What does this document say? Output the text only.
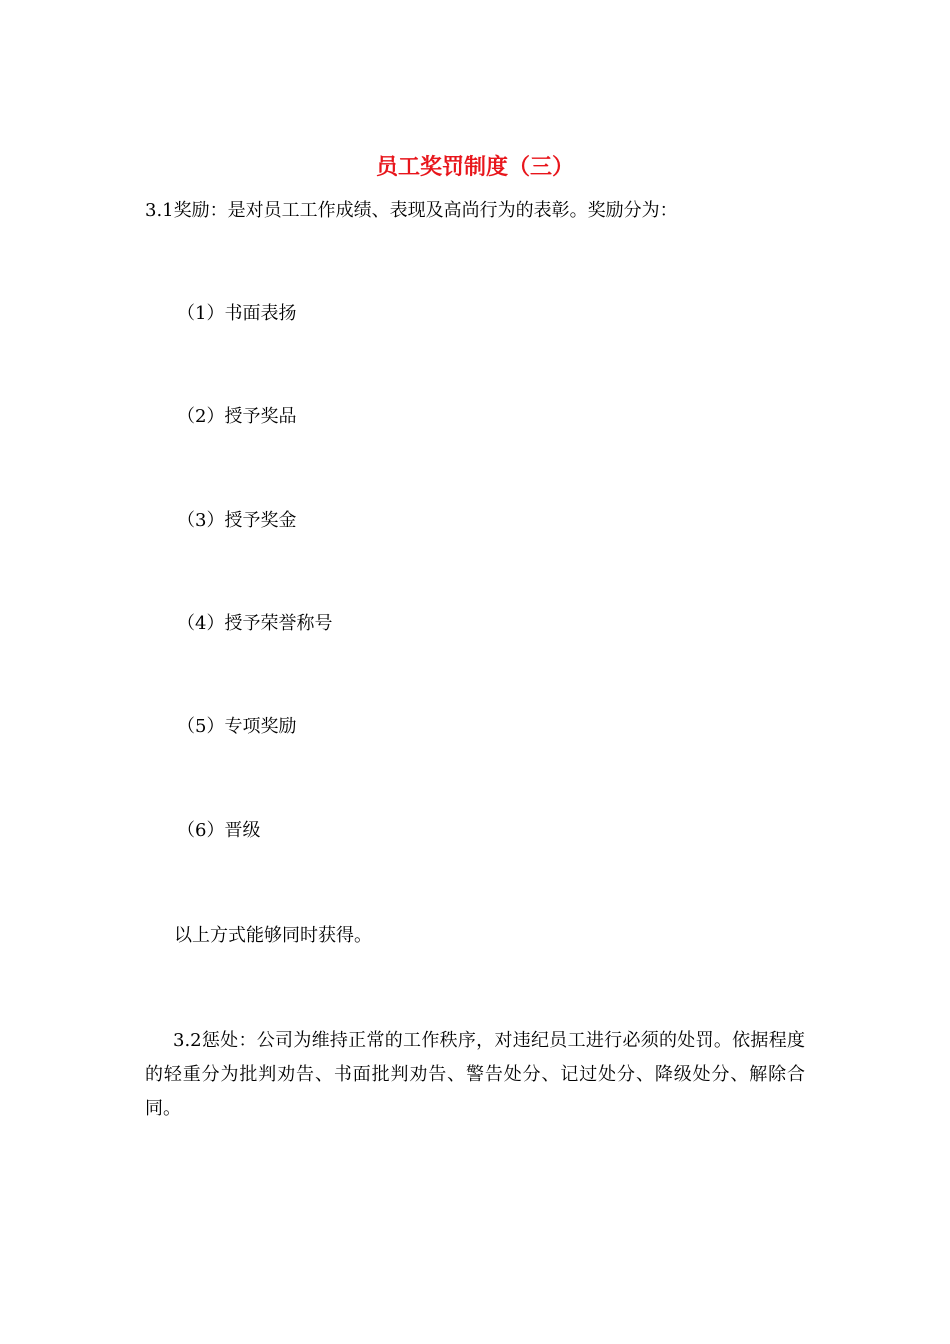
员工奖罚制度（三）
3.1奖励：是对员工工作成绩、表现及高尚行为的表彰。奖励分为：
（1）书面表扬
（2）授予奖品
（3）授予奖金
（4）授予荣誉称号
（5）专项奖励
（6）晋级
以上方式能够同时获得。
3.2惩处：公司为维持正常的工作秩序，对违纪员工进行必须的处罚。依据程度的轻重分为批判劝告、书面批判劝告、警告处分、记过处分、降级处分、解除合同。
